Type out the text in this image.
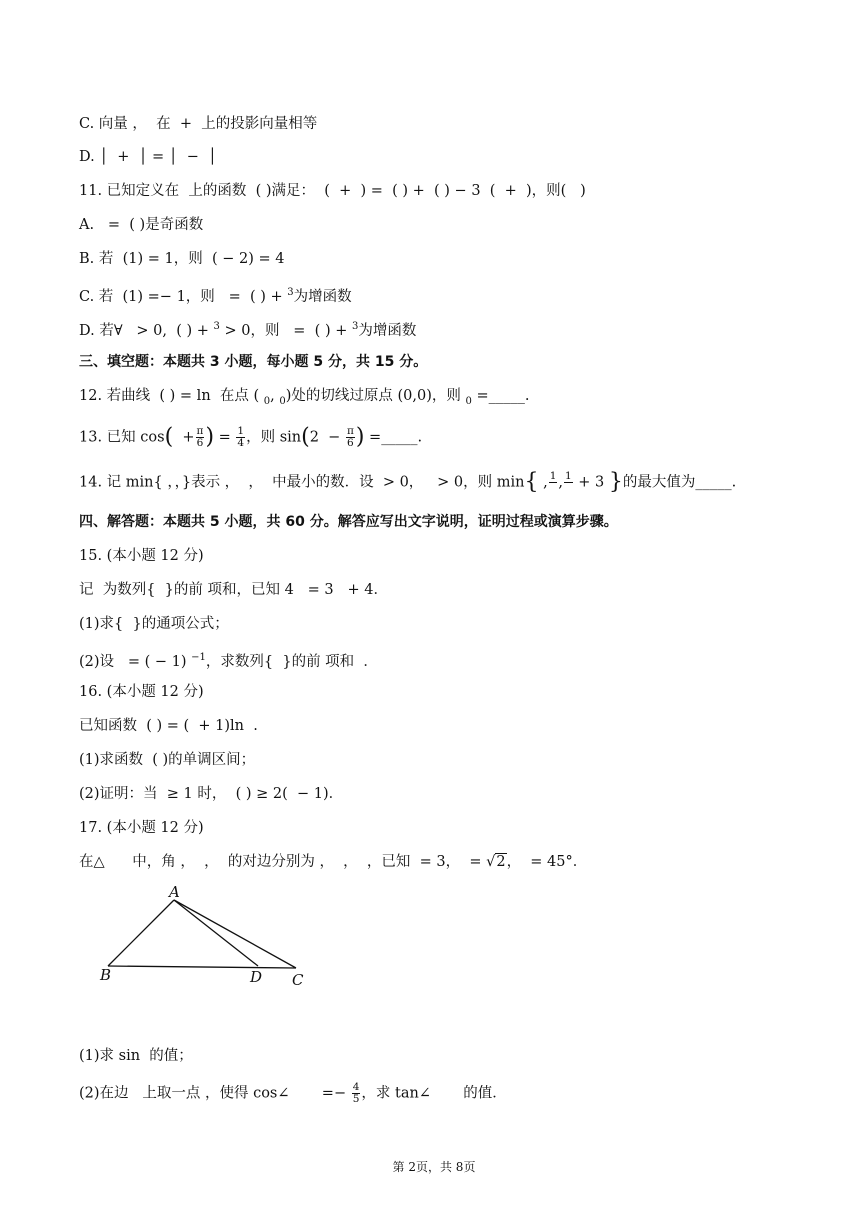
C. 向量 ，  在  +  上的投影向量相等
D. │  +  │ = │  −  │
11. 已知定义在  上的函数  ( )满足：  (  +  ) =  ( ) +  ( ) − 3  (  +  )，则(   )
A.   =  ( )是奇函数
B. 若  (1) = 1，则  ( − 2) = 4
C. 若  (1) =− 1，则   =  ( ) + $^3$为增函数
D. 若∀   > 0,  ( ) + $^3$ > 0，则   =  ( ) + $^3$为增函数
三、填空题：本题共 3 小题，每小题 5 分，共 15 分。
12. 若曲线  ( ) = ln  在点 ( $_0$, $_0$)处的切线过原点 (0,0)，则 $_0$ =_____.
13. 已知 $\cos( + \frac{\pi}{6}$ ) = $\frac{1}{4}$ ，则 $\sin(2 - \frac{\pi}{6}$ ) =_____.
14. 记 min{ ，，}表示 ，  ，  中最小的数．设  > 0，   > 0，则 min{ , 1
, 1
+ 3 }的最大值为_____.
四、解答题：本题共 5 小题，共 60 分。解答应写出文字说明，证明过程或演算步骤。
15. (本小题 12 分)
记  为数列{  }的前 项和，已知 4   = 3   + 4．
(1)求{  }的通项公式；
(2)设   = ( − 1) $^{-1}$，求数列{  }的前 项和  ．
16. (本小题 12 分)
已知函数  ( ) = (  + 1)ln  .
(1)求函数  ( )的单调区间；
(2)证明：当  ≥ 1 时，  ( ) ≥ 2(  − 1)．
17. (本小题 12 分)
在△      中，角 ，  ，  的对边分别为 ，  ，  ，已知  = 3，  = √2，  = 45°．
A
B	D C
(1)求 sin  的值；
(2)在边   上取一点 ，使得 cos∠       =− $\frac{4}{5}$ ，求 tan∠       的值．
第 2页，共 8页
